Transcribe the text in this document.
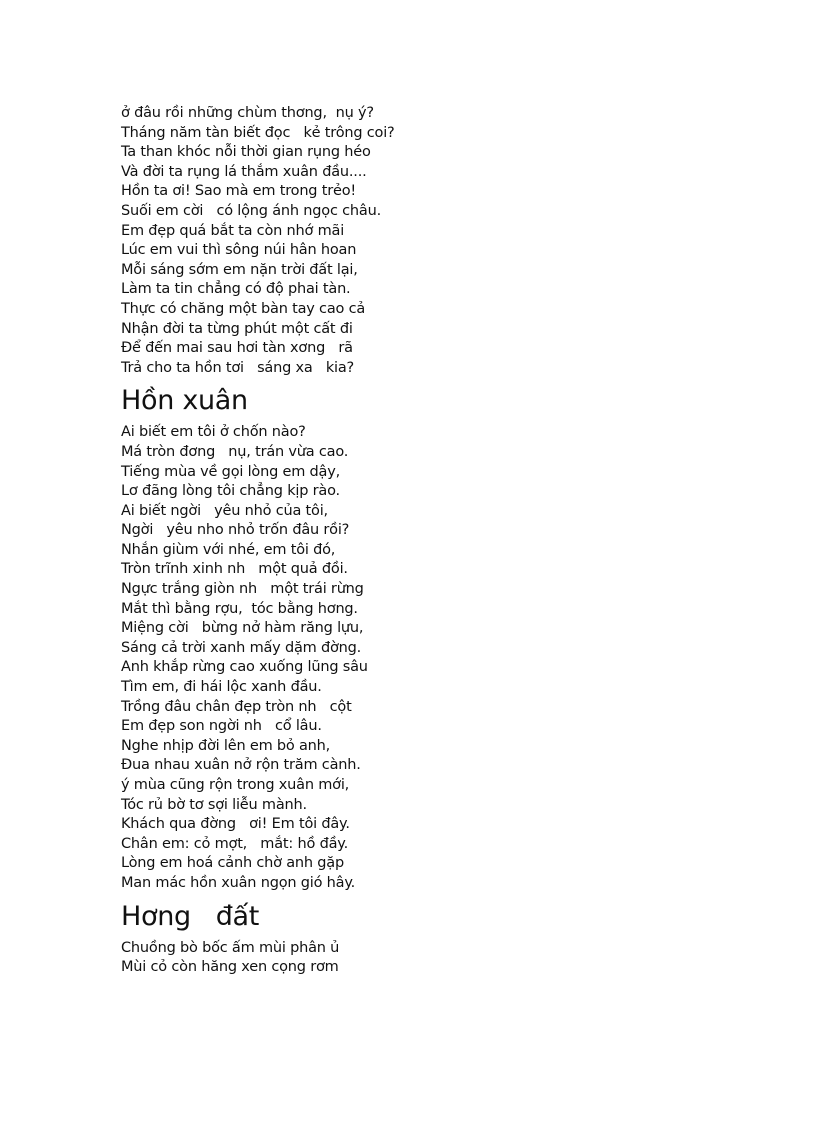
ở đâu rồi những chùm thơng,  nụ ý?
Tháng năm tàn biết đọc   kẻ trông coi?
Ta than khóc nỗi thời gian rụng héo
Và đời ta rụng lá thắm xuân đầu....
Hồn ta ơi! Sao mà em trong trẻo!
Suối em cời   có lộng ánh ngọc châu.
Em đẹp quá bắt ta còn nhớ mãi
Lúc em vui thì sông núi hân hoan
Mỗi sáng sớm em nặn trời đất lại,
Làm ta tin chẳng có độ phai tàn.
Thực có chăng một bàn tay cao cả
Nhận đời ta từng phút một cất đi
Để đến mai sau hơi tàn xơng   rã
Trả cho ta hồn tơi   sáng xa   kia?
Hồn xuân
Ai biết em tôi ở chốn nào?
Má tròn đơng   nụ, trán vừa cao.
Tiếng mùa về gọi lòng em dậy,
Lơ đãng lòng tôi chẳng kịp rào.
Ai biết ngời   yêu nhỏ của tôi,
Ngời   yêu nho nhỏ trốn đâu rồi?
Nhắn giùm với nhé, em tôi đó,
Tròn trĩnh xinh nh   một quả đồi.
Ngực trắng giòn nh   một trái rừng
Mắt thì bằng rợu,  tóc bằng hơng.
Miệng cời   bừng nở hàm răng lựu,
Sáng cả trời xanh mấy dặm đờng.
Anh khắp rừng cao xuống lũng sâu
Tìm em, đi hái lộc xanh đầu.
Trồng đâu chân đẹp tròn nh   cột
Em đẹp son ngời nh   cổ lâu.
Nghe nhịp đời lên em bỏ anh,
Đua nhau xuân nở rộn trăm cành.
ý mùa cũng rộn trong xuân mới,
Tóc rủ bờ tơ sợi liễu mành.
Khách qua đờng   ơi! Em tôi đây.
Chân em: cỏ mợt,   mắt: hồ đầy.
Lòng em hoá cảnh chờ anh gặp
Man mác hồn xuân ngọn gió hây.
Hơng   đất
Chuồng bò bốc ấm mùi phân ủ
Mùi cỏ còn hăng xen cọng rơm
